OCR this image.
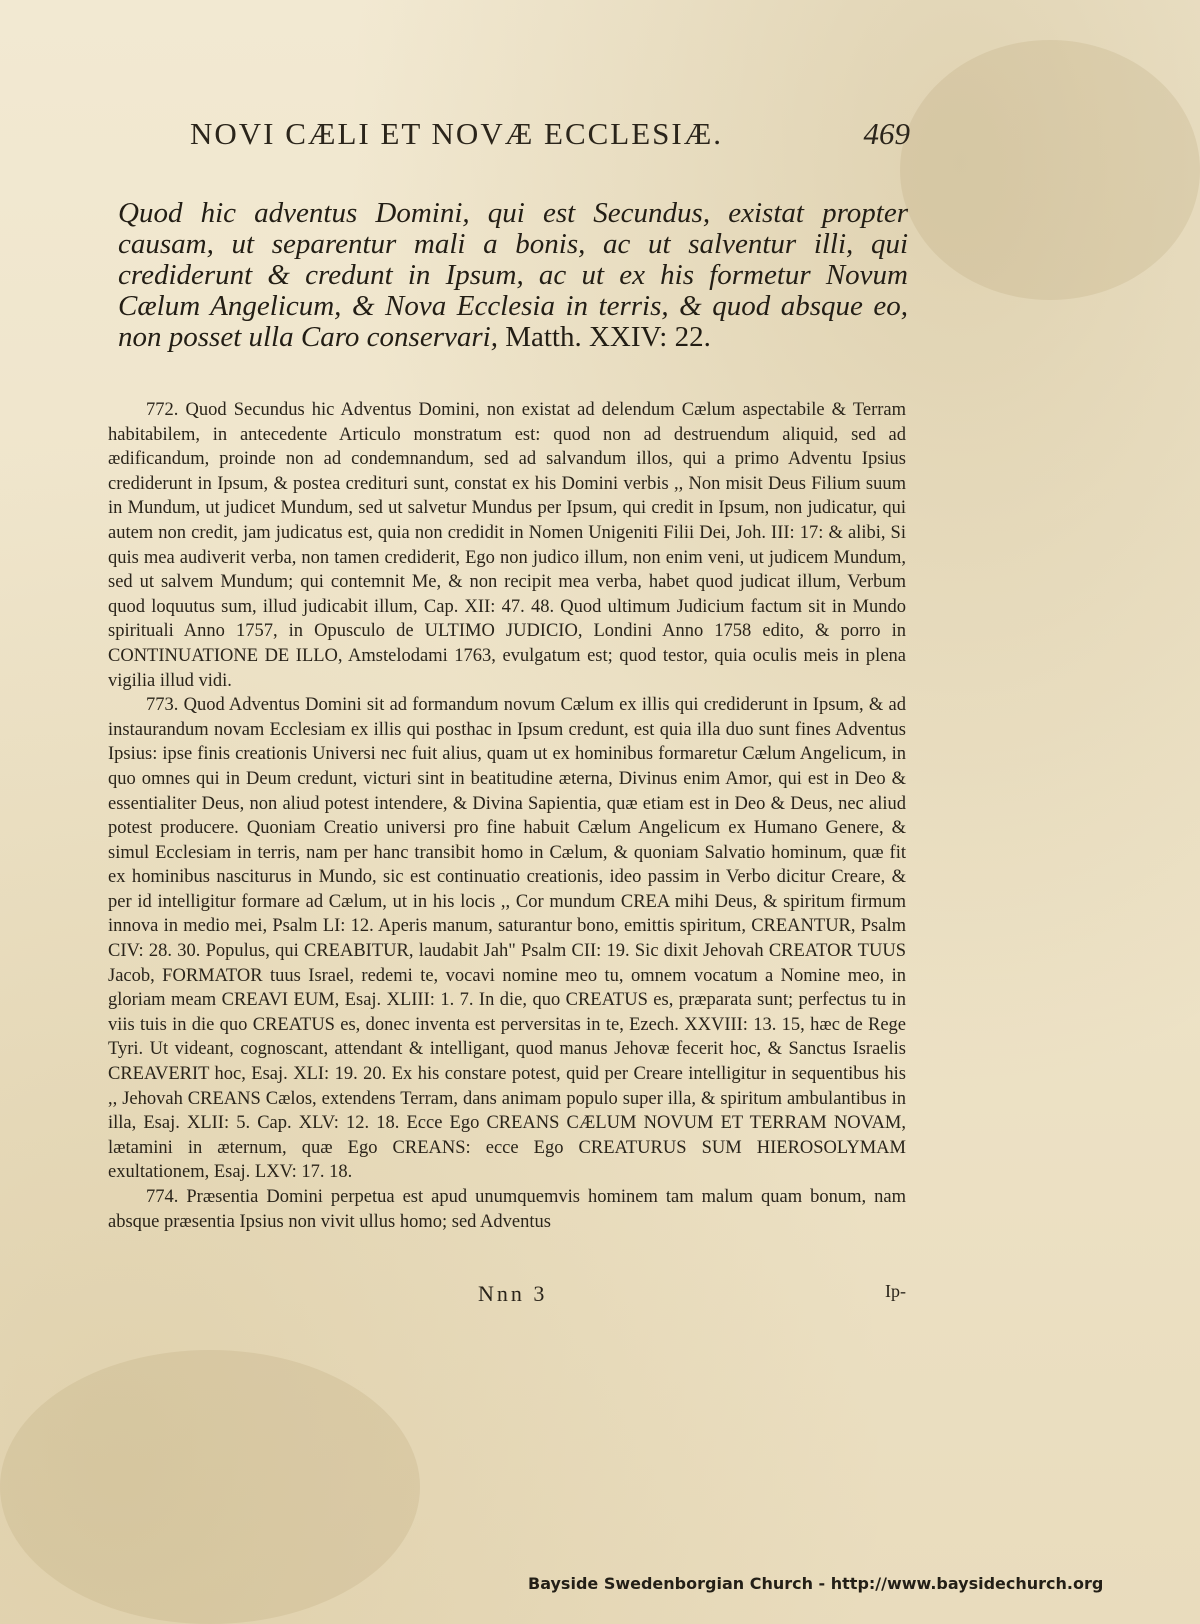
NOVI CÆLI ET NOVÆ ECCLESIÆ.	469
Quod hic adventus Domini, qui est Secundus, existat propter causam, ut separentur mali a bonis, ac ut salventur illi, qui crediderunt & credunt in Ipsum, ac ut ex his formetur Novum Cælum Angelicum, & Nova Ecclesia in terris, & quod absque eo, non posset ulla Caro conservari, Matth. XXIV: 22.

772. Quod Secundus hic Adventus Domini, non existat ad delendum Cælum aspectabile & Terram habitabilem, in antecedente Articulo monstratum est: quod non ad destruendum aliquid, sed ad ædificandum, proinde non ad condemnandum, sed ad salvandum illos, qui a primo Adventu Ipsius crediderunt in Ipsum, & postea credituri sunt, constat ex his Domini verbis ,, Non misit Deus Filium suum in Mundum, ut judicet Mundum, sed ut salvetur Mundus per Ipsum, qui credit in Ipsum, non judicatur, qui autem non credit, jam judicatus est, quia non credidit in Nomen Unigeniti Filii Dei, Joh. III: 17: & alibi, Si quis mea audiverit verba, non tamen crediderit, Ego non judico illum, non enim veni, ut judicem Mundum, sed ut salvem Mundum; qui contemnit Me, & non recipit mea verba, habet quod judicat illum, Verbum quod loquutus sum, illud judicabit illum, Cap. XII: 47. 48. Quod ultimum Judicium factum sit in Mundo spirituali Anno 1757, in Opusculo de ULTIMO JUDICIO, Londini Anno 1758 edito, & porro in CONTINUATIONE DE ILLO, Amstelodami 1763, evulgatum est; quod testor, quia oculis meis in plena vigilia illud vidi.

773. Quod Adventus Domini sit ad formandum novum Cælum ex illis qui crediderunt in Ipsum, & ad instaurandum novam Ecclesiam ex illis qui posthac in Ipsum credunt, est quia illa duo sunt fines Adventus Ipsius: ipse finis creationis Universi nec fuit alius, quam ut ex hominibus formaretur Cælum Angelicum, in quo omnes qui in Deum credunt, victuri sint in beatitudine æterna, Divinus enim Amor, qui est in Deo & essentialiter Deus, non aliud potest intendere, & Divina Sapientia, quæ etiam est in Deo & Deus, nec aliud potest producere. Quoniam Creatio universi pro fine habuit Cælum Angelicum ex Humano Genere, & simul Ecclesiam in terris, nam per hanc transibit homo in Cælum, & quoniam Salvatio hominum, quæ fit ex hominibus nasciturus in Mundo, sic est continuatio creationis, ideo passim in Verbo dicitur Creare, & per id intelligitur formare ad Cælum, ut in his locis ,, Cor mundum CREA mihi Deus, & spiritum firmum innova in medio mei, Psalm LI: 12. Aperis manum, saturantur bono, emittis spiritum, CREANTUR, Psalm CIV: 28. 30. Populus, qui CREABITUR, laudabit Jah" Psalm CII: 19. Sic dixit Jehovah CREATOR TUUS Jacob, FORMATOR tuus Israel, redemi te, vocavi nomine meo tu, omnem vocatum a Nomine meo, in gloriam meam CREAVI EUM, Esaj. XLIII: 1. 7. In die, quo CREATUS es, præparata sunt; perfectus tu in viis tuis in die quo CREATUS es, donec inventa est perversitas in te, Ezech. XXVIII: 13. 15, hæc de Rege Tyri. Ut videant, cognoscant, attendant & intelligant, quod manus Jehovæ fecerit hoc, & Sanctus Israelis CREAVERIT hoc, Esaj. XLI: 19. 20. Ex his constare potest, quid per Creare intelligitur in sequentibus his ,, Jehovah CREANS Cælos, extendens Terram, dans animam populo super illa, & spiritum ambulantibus in illa, Esaj. XLII: 5. Cap. XLV: 12. 18. Ecce Ego CREANS CÆLUM NOVUM ET TERRAM NOVAM, lætamini in æternum, quæ Ego CREANS: ecce Ego CREATURUS SUM HIEROSOLYMAM exultationem, Esaj. LXV: 17. 18.

774. Præsentia Domini perpetua est apud unumquemvis hominem tam malum quam bonum, nam absque præsentia Ipsius non vivit ullus homo; sed Adventus

Nnn 3	Ip-
Bayside Swedenborgian Church - http://www.baysidechurch.org
